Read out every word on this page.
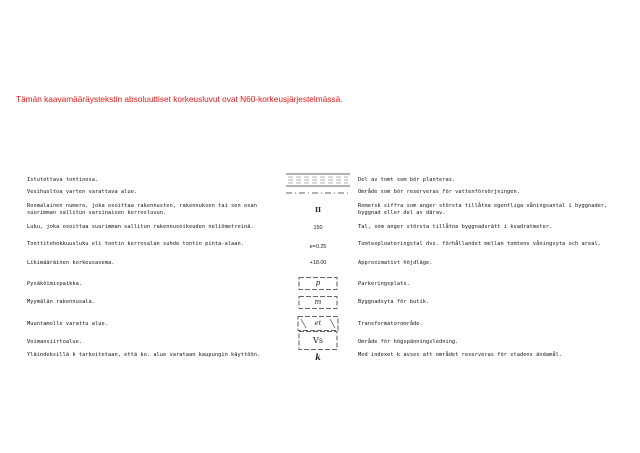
Tämän kaavamääräystekstin absoluuttiset korkeusluvut ovat N60-korkeusjärjestelmässä.
Istutettava tontinosa.	Del av tomt som bör planteras.
Vesihuoltoa varten varattava alue.	Område som bör reserveras för vattenförsörjningen.
Roomalainen numero, joka osoittaa rakennusten, rakennuksen tai sen osan suurimman sallitun varsinaisen kerrosluvun.	II	Romersk siffra som anger största tillåtna egentliga våningsantal i byggnader, byggnad eller del av därav.
Luku, joka osoittaa suurimman sallitun rakennusoikeuden neliömetreinä.	150	Tal, som anger största tillåtna byggnadsrätt i kvadratmeter.
Tonttitehokkuusluku eli tontin kerrosalan suhde tontin pinta-alaan.	e=0.25	Tomtexploateringstal dvs. förhållandet mellan tomtens våningsyta och areal.
Likimääräinen korkeusasema.	+18.00	Approximativt höjdläge.
Pysäköimispaikka.	p	Parkeringsplats.
Myymälän rakennusala.	m	Byggnadsyta för butik.
Muuntamolle varattu alue.	et	Transformatorområde.
Voimansiirtoalue.	Vs	Område för högspänningsledning.
Yläindeksillä k tarkoitetaan, että ko. alue varataan kaupungin käyttöön.	k	Med indexet k avses att området reserveras för stadens ändamål.
